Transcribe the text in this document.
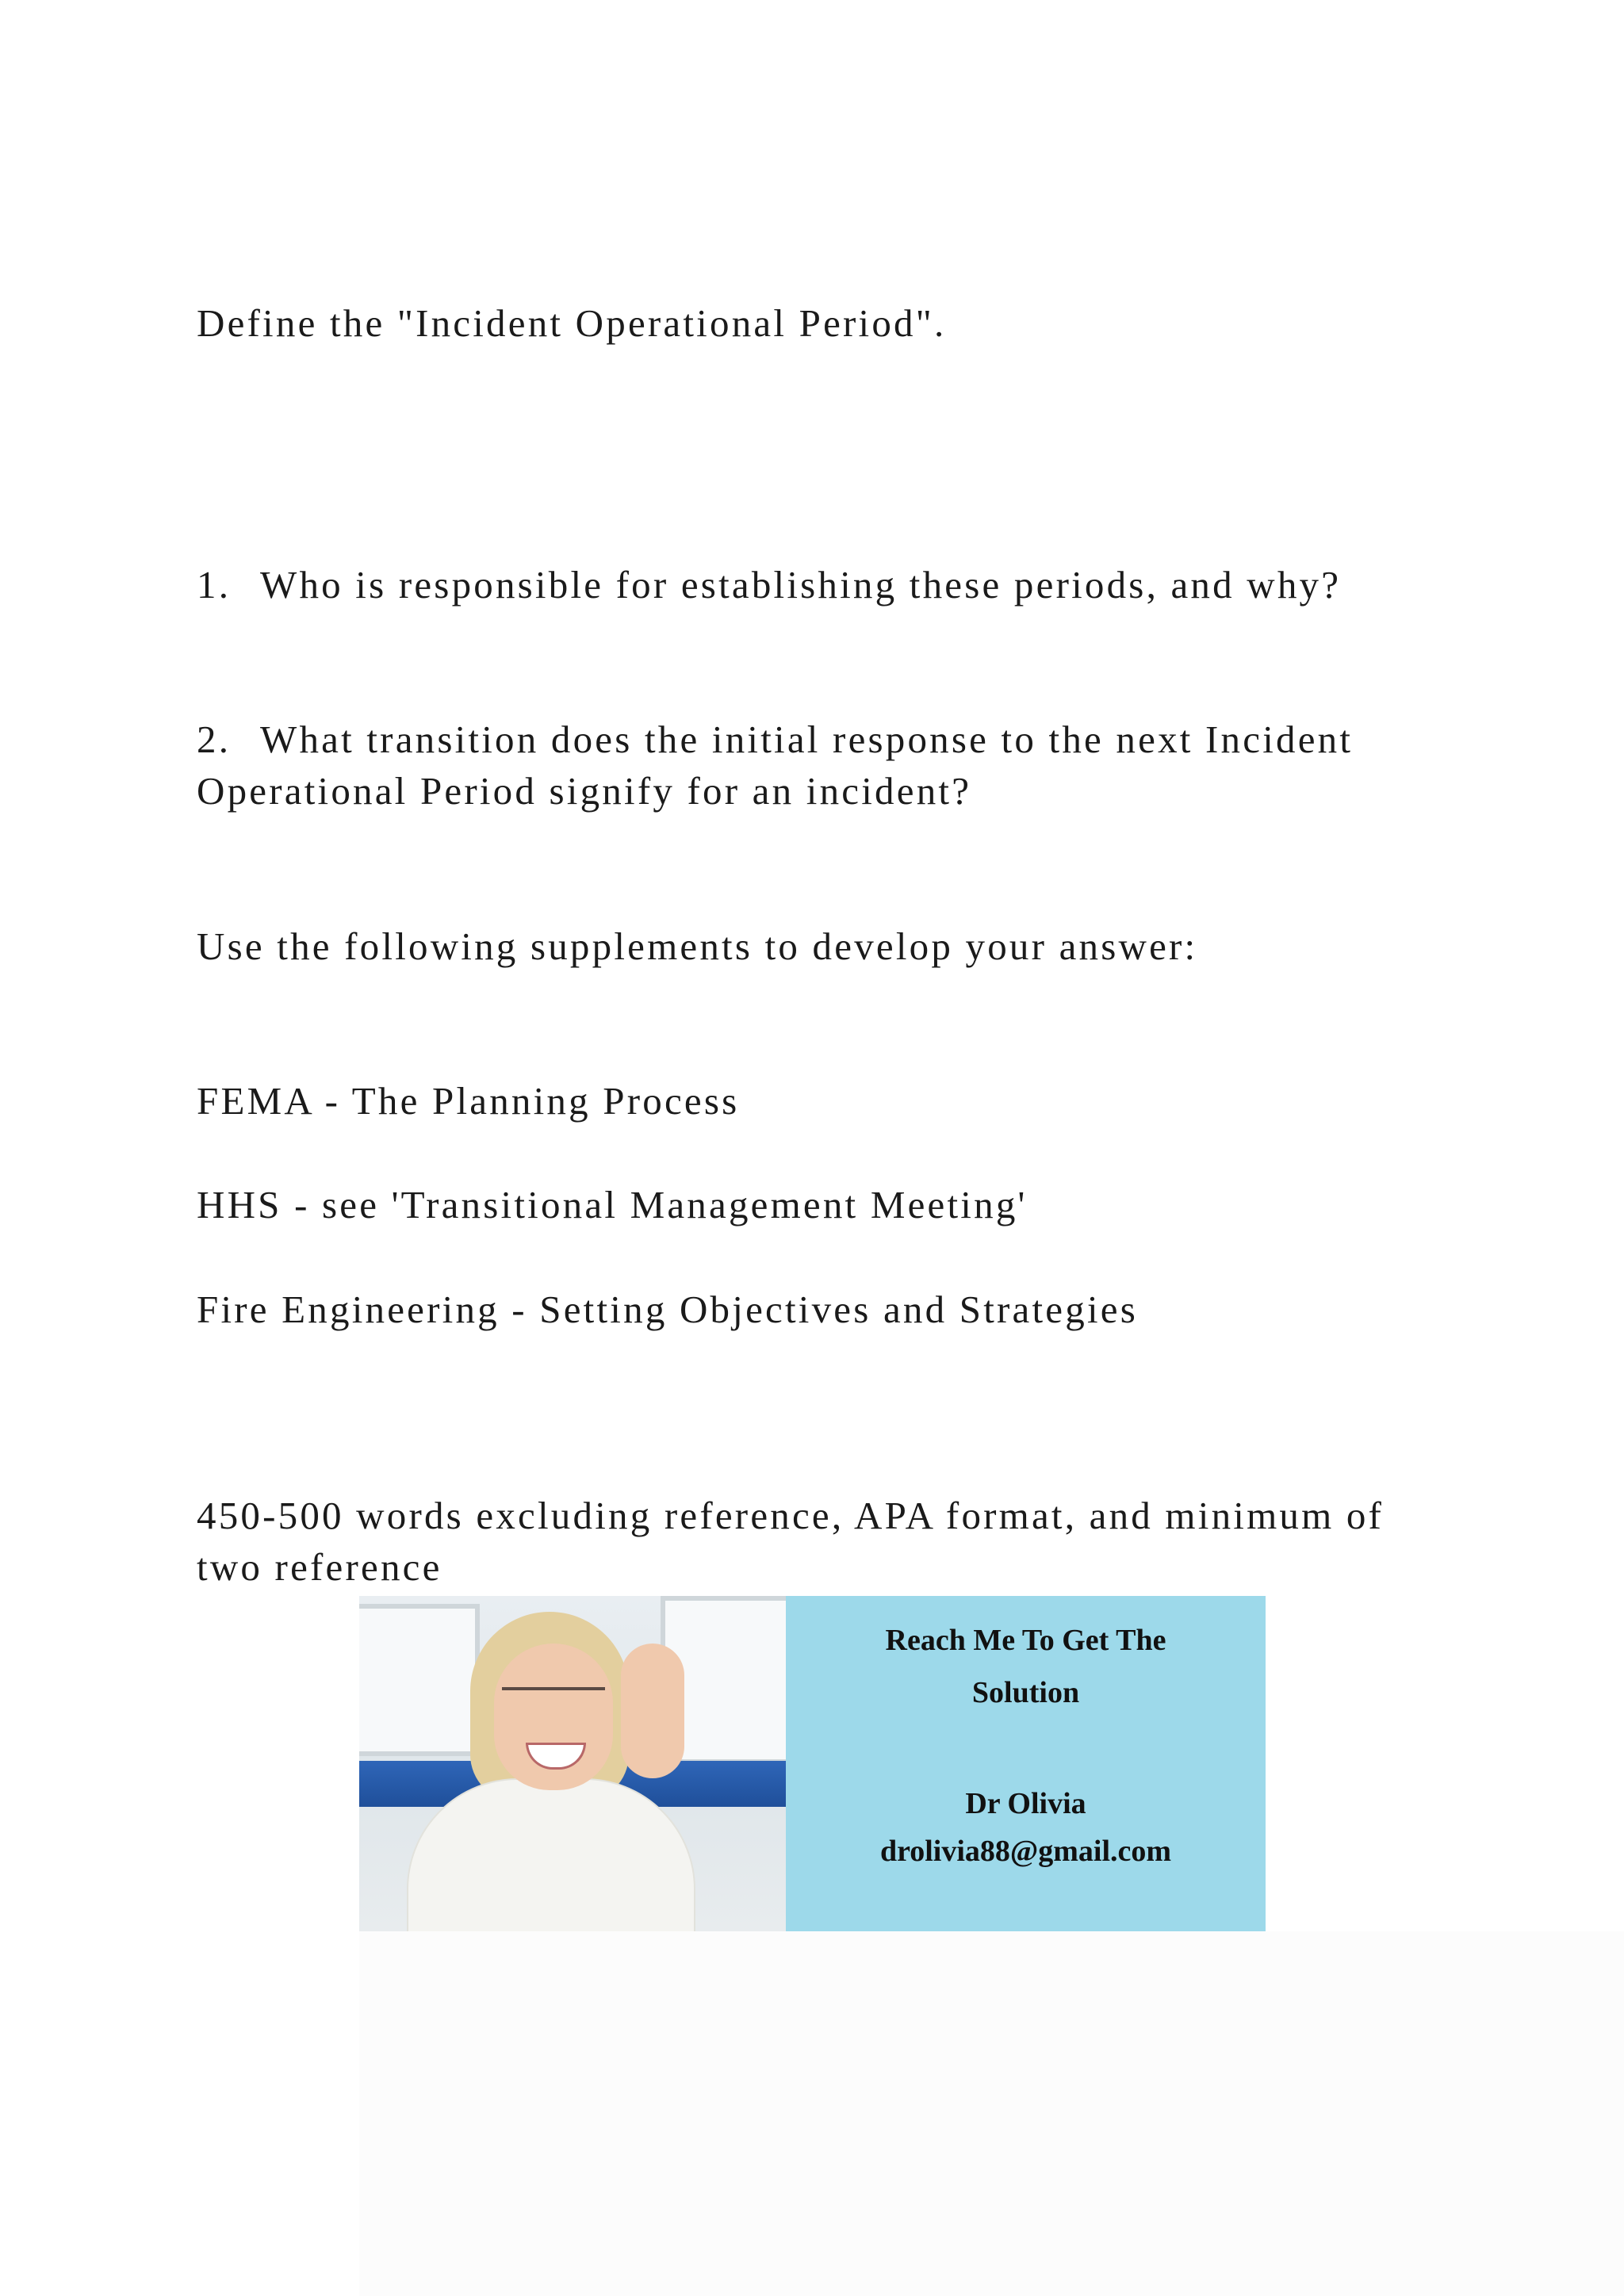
Define the "Incident Operational Period".

1. Who is responsible for establishing these periods, and why?

2. What transition does the initial response to the next Incident Operational Period signify for an incident?

Use the following supplements to develop your answer:

FEMA - The Planning Process

HHS - see 'Transitional Management Meeting'

Fire Engineering - Setting Objectives and Strategies

450-500 words excluding reference, APA format, and minimum of two reference

Reach Me To Get The
Solution
Dr Olivia
drolivia88@gmail.com
